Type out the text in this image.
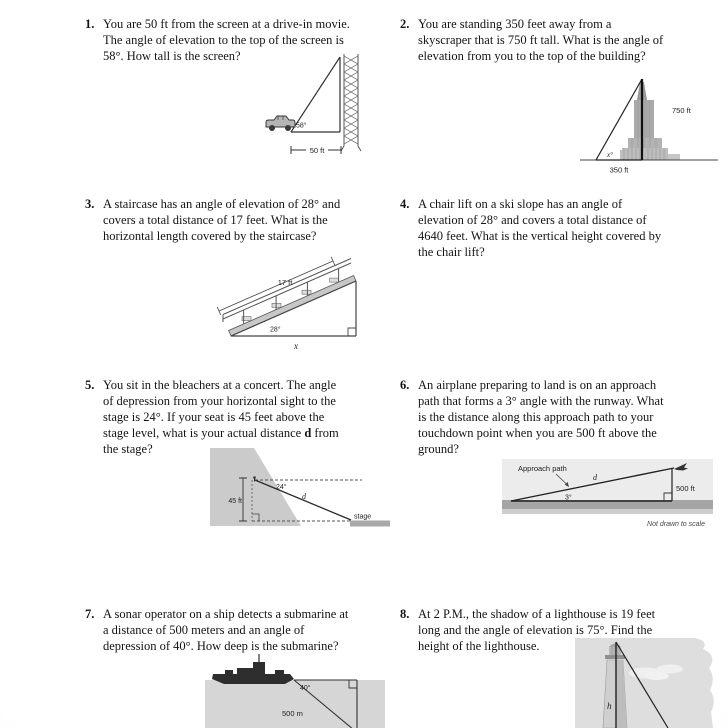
1. You are 50 ft from the screen at a drive-in movie.
The angle of elevation to the top of the screen is
58°. How tall is the screen?
2. You are standing 350 feet away from a
skyscraper that is 750 ft tall. What is the angle of
elevation from you to the top of the building?
58°
50 ft
x°
750 ft
350 ft
3. A staircase has an angle of elevation of 28° and
covers a total distance of 17 feet. What is the
horizontal length covered by the staircase?
4. A chair lift on a ski slope has an angle of
elevation of 28° and covers a total distance of
4640 feet. What is the vertical height covered by
the chair lift?
17 ft
28°
x
5. You sit in the bleachers at a concert. The angle
of depression from your horizontal sight to the
stage is 24°. If your seat is 45 feet above the
stage level, what is your actual distance d from
the stage?
6. An airplane preparing to land is on an approach
path that forms a 3° angle with the runway. What
is the distance along this approach path to your
touchdown point when you are 500 ft above the
ground?
24°
d
45 ft
stage
Approach path
d
3°
500 ft
Not drawn to scale
7. A sonar operator on a ship detects a submarine at
a distance of 500 meters and an angle of
depression of 40°. How deep is the submarine?
8. At 2 P.M., the shadow of a lighthouse is 19 feet
long and the angle of elevation is 75°. Find the
height of the lighthouse.
40°
500 m
h
